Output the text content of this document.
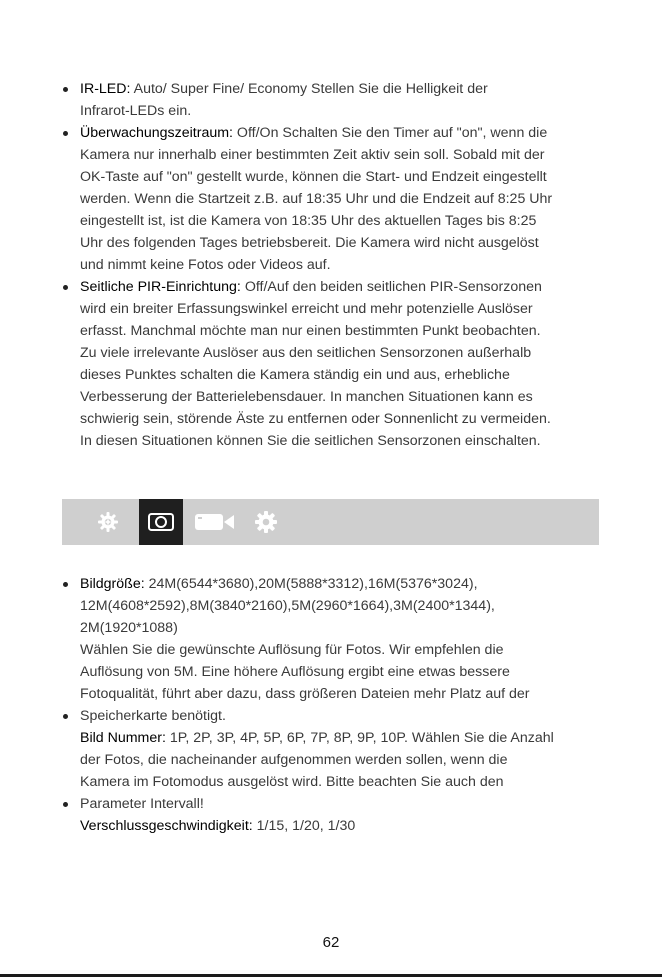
IR-LED: Auto/ Super Fine/ Economy Stellen Sie die Helligkeit der
Infrarot-LEDs ein.
Überwachungszeitraum: Off/On Schalten Sie den Timer auf "on", wenn die
Kamera nur innerhalb einer bestimmten Zeit aktiv sein soll. Sobald mit der
OK-Taste auf "on" gestellt wurde, können die Start- und Endzeit eingestellt
werden. Wenn die Startzeit z.B. auf 18:35 Uhr und die Endzeit auf 8:25 Uhr
eingestellt ist, ist die Kamera von 18:35 Uhr des aktuellen Tages bis 8:25
Uhr des folgenden Tages betriebsbereit. Die Kamera wird nicht ausgelöst
und nimmt keine Fotos oder Videos auf.
Seitliche PIR-Einrichtung: Off/Auf den beiden seitlichen PIR-Sensorzonen
wird ein breiter Erfassungswinkel erreicht und mehr potenzielle Auslöser
erfasst. Manchmal möchte man nur einen bestimmten Punkt beobachten.
Zu viele irrelevante Auslöser aus den seitlichen Sensorzonen außerhalb
dieses Punktes schalten die Kamera ständig ein und aus, erhebliche
Verbesserung der Batterielebensdauer. In manchen Situationen kann es
schwierig sein, störende Äste zu entfernen oder Sonnenlicht zu vermeiden.
In diesen Situationen können Sie die seitlichen Sensorzonen einschalten.
Bildgröße: 24M(6544*3680),20M(5888*3312),16M(5376*3024),
12M(4608*2592),8M(3840*2160),5M(2960*1664),3M(2400*1344),
2M(1920*1088)
Wählen Sie die gewünschte Auflösung für Fotos. Wir empfehlen die
Auflösung von 5M. Eine höhere Auflösung ergibt eine etwas bessere
Fotoqualität, führt aber dazu, dass größeren Dateien mehr Platz auf der
Speicherkarte benötigt.
Bild Nummer: 1P, 2P, 3P, 4P, 5P, 6P, 7P, 8P, 9P, 10P. Wählen Sie die Anzahl
der Fotos, die nacheinander aufgenommen werden sollen, wenn die
Kamera im Fotomodus ausgelöst wird. Bitte beachten Sie auch den
Parameter Intervall!
Verschlussgeschwindigkeit: 1/15, 1/20, 1/30
62
